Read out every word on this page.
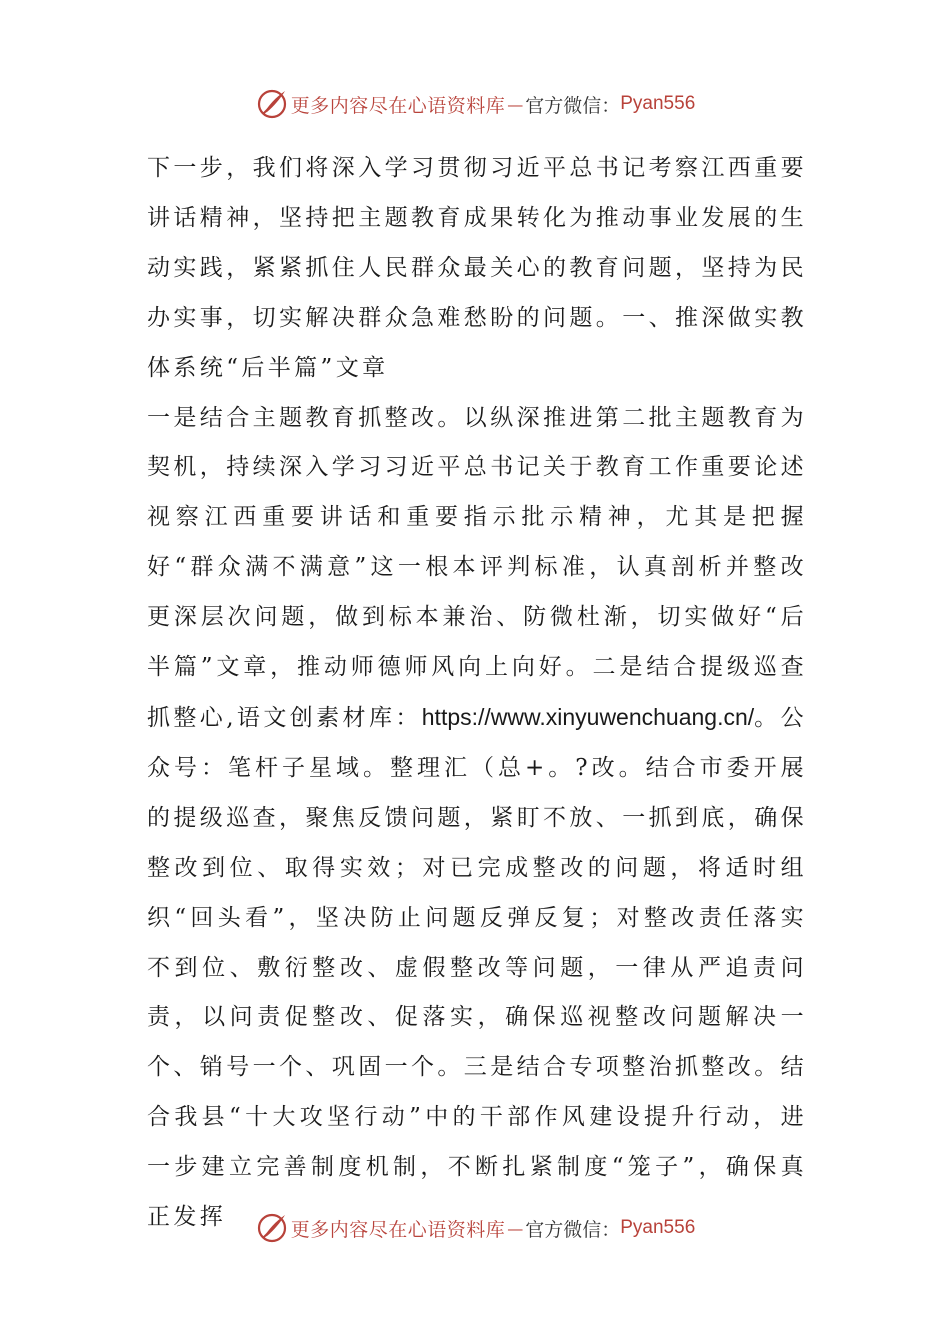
更多内容尽在心语资料库 — 官方微信： Pyan556

下一步，我们将深入学习贯彻习近平总书记考察江西重要讲话精神，坚持把主题教育成果转化为推动事业发展的生动实践，紧紧抓住人民群众最关心的教育问题，坚持为民办实事，切实解决群众急难愁盼的问题。一、推深做实教体系统“后半篇”文章

一是结合主题教育抓整改。以纵深推进第二批主题教育为契机，持续深入学习习近平总书记关于教育工作重要论述视察江西重要讲话和重要指示批示精神，尤其是把握好“群众满不满意”这一根本评判标准，认真剖析并整改更深层次问题，做到标本兼治、防微杜渐，切实做好“后半篇”文章，推动师德师风向上向好。二是结合提级巡查抓整心,语文创素材库：https://www.xinyuwenchuang.cn/。公众号：笔杆子星域。整理汇（总+。?改。结合市委开展的提级巡查，聚焦反馈问题，紧盯不放、一抓到底，确保整改到位、取得实效；对已完成整改的问题，将适时组织“回头看”，坚决防止问题反弹反复；对整改责任落实不到位、敷衍整改、虚假整改等问题，一律从严追责问责，以问责促整改、促落实，确保巡视整改问题解决一个、销号一个、巩固一个。三是结合专项整治抓整改。结合我县“十大攻坚行动”中的干部作风建设提升行动，进一步建立完善制度机制，不断扎紧制度“笼子”，确保真正发挥	更多内容尽在心语资料库 — 官方微信： Pyan556
